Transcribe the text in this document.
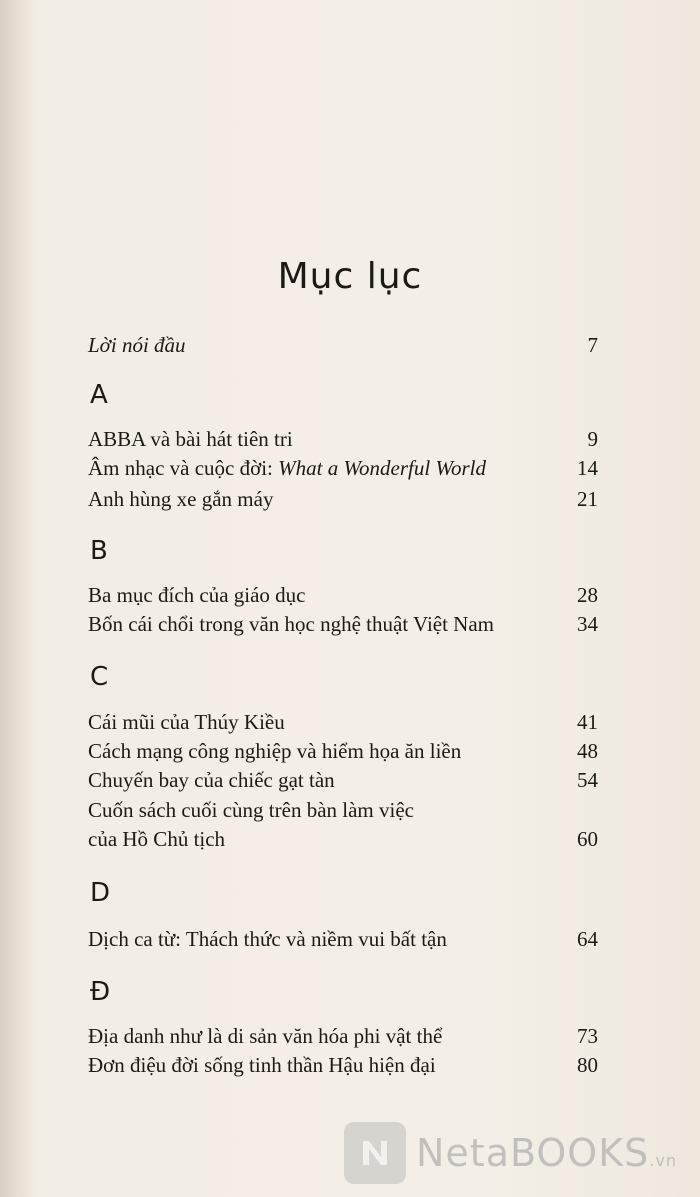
Mục lục
Lời nói đầu	7
A
ABBA và bài hát tiên tri	9
Âm nhạc và cuộc đời: What a Wonderful World	14
Anh hùng xe gắn máy	21
B
Ba mục đích của giáo dục	28
Bốn cái chổi trong văn học nghệ thuật Việt Nam	34
C
Cái mũi của Thúy Kiều	41
Cách mạng công nghiệp và hiểm họa ăn liền	48
Chuyến bay của chiếc gạt tàn	54
Cuốn sách cuối cùng trên bàn làm việc
của Hồ Chủ tịch	60
D
Dịch ca từ: Thách thức và niềm vui bất tận	64
Đ
Địa danh như là di sản văn hóa phi vật thể	73
Đơn điệu đời sống tinh thần Hậu hiện đại	80
NetaBOOKS.vn
